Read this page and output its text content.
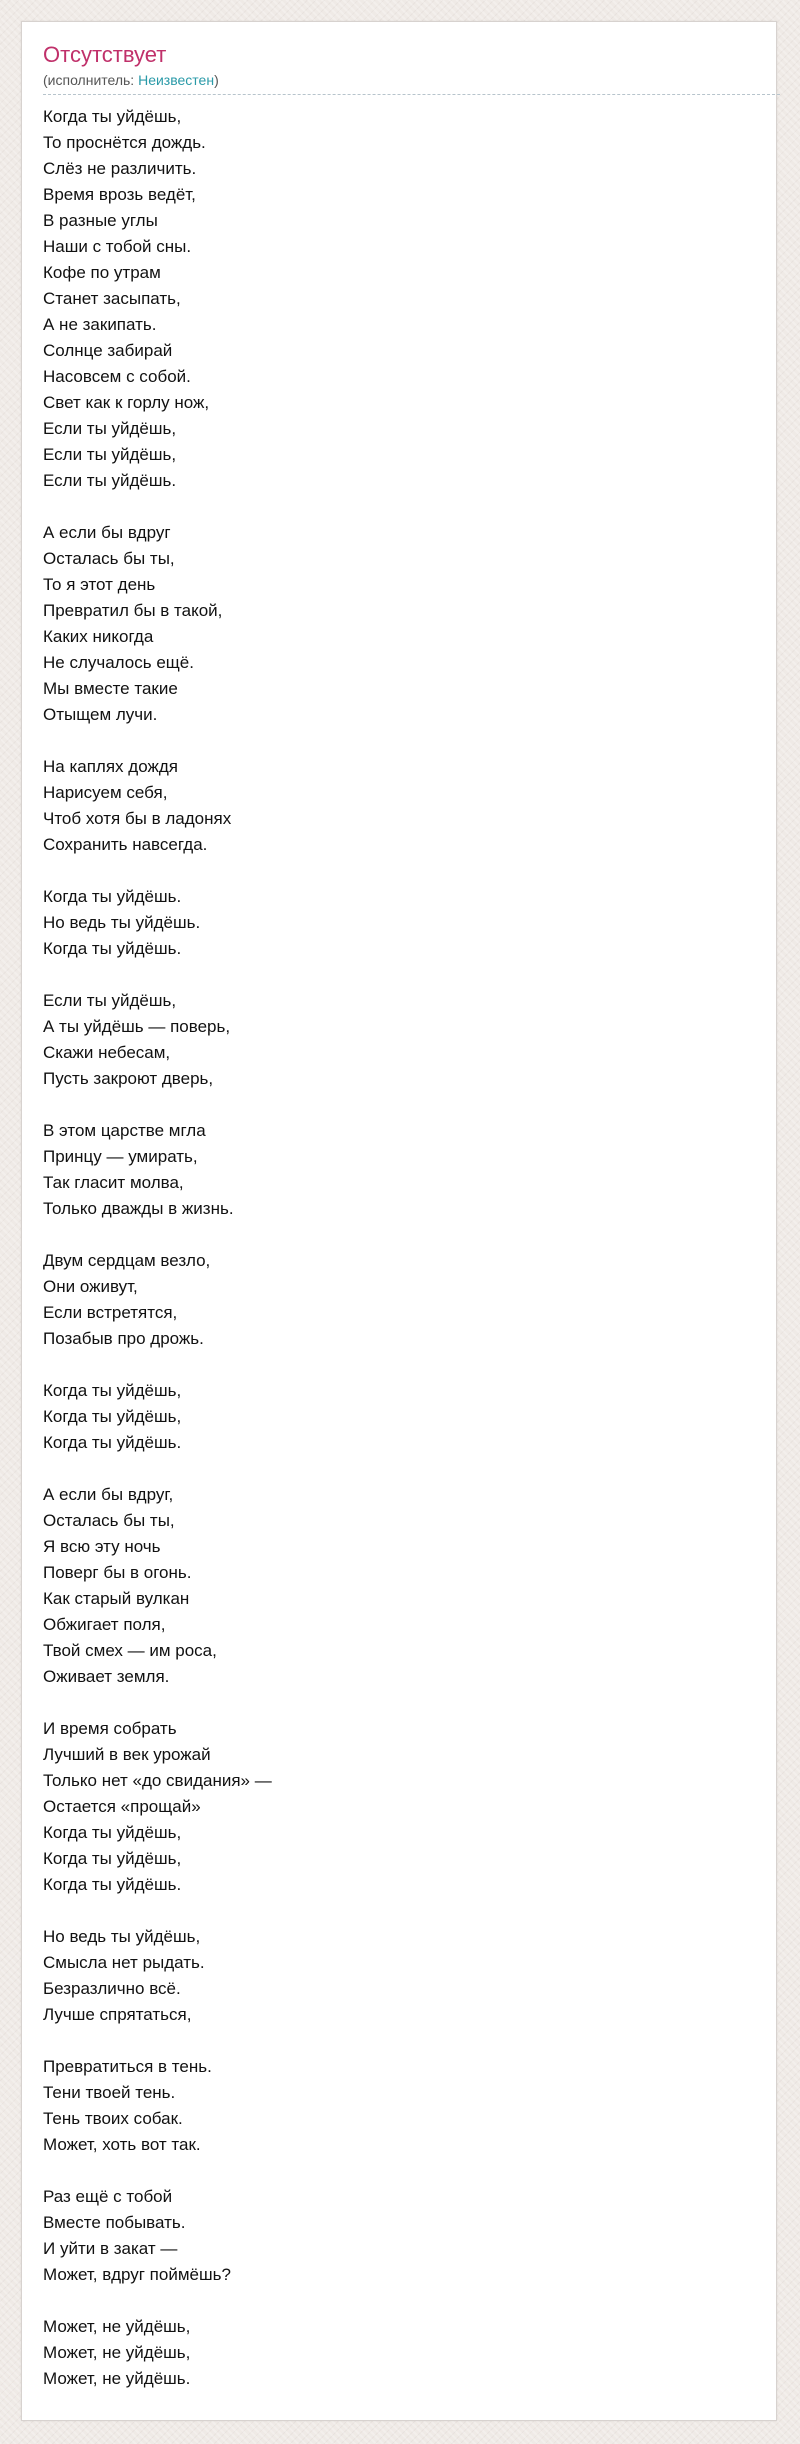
Отсутствует
(исполнитель: Неизвестен)
Когда ты уйдёшь,
То проснётся дождь.
Слёз не различить.
Время врозь ведёт,
В разные углы
Наши с тобой сны.
Кофе по утрам
Станет засыпать,
А не закипать.
Солнце забирай
Насовсем с собой.
Свет как к горлу нож,
Если ты уйдёшь,
Если ты уйдёшь,
Если ты уйдёшь.
А если бы вдруг
Осталась бы ты,
То я этот день
Превратил бы в такой,
Каких никогда
Не случалось ещё.
Мы вместе такие
Отыщем лучи.
На каплях дождя
Нарисуем себя,
Чтоб хотя бы в ладонях
Сохранить навсегда.
Когда ты уйдёшь.
Но ведь ты уйдёшь.
Когда ты уйдёшь.
Если ты уйдёшь,
А ты уйдёшь — поверь,
Скажи небесам,
Пусть закроют дверь,
В этом царстве мгла
Принцу — умирать,
Так гласит молва,
Только дважды в жизнь.
Двум сердцам везло,
Они оживут,
Если встретятся,
Позабыв про дрожь.
Когда ты уйдёшь,
Когда ты уйдёшь,
Когда ты уйдёшь.
А если бы вдруг,
Осталась бы ты,
Я всю эту ночь
Поверг бы в огонь.
Как старый вулкан
Обжигает поля,
Твой смех — им роса,
Оживает земля.
И время собрать
Лучший в век урожай
Только нет «до свидания» —
Остается «прощай»
Когда ты уйдёшь,
Когда ты уйдёшь,
Когда ты уйдёшь.
Но ведь ты уйдёшь,
Смысла нет рыдать.
Безразлично всё.
Лучше спрятаться,
Превратиться в тень.
Тени твоей тень.
Тень твоих собак.
Может, хоть вот так.
Раз ещё с тобой
Вместе побывать.
И уйти в закат —
Может, вдруг поймёшь?
Может, не уйдёшь,
Может, не уйдёшь,
Может, не уйдёшь.
